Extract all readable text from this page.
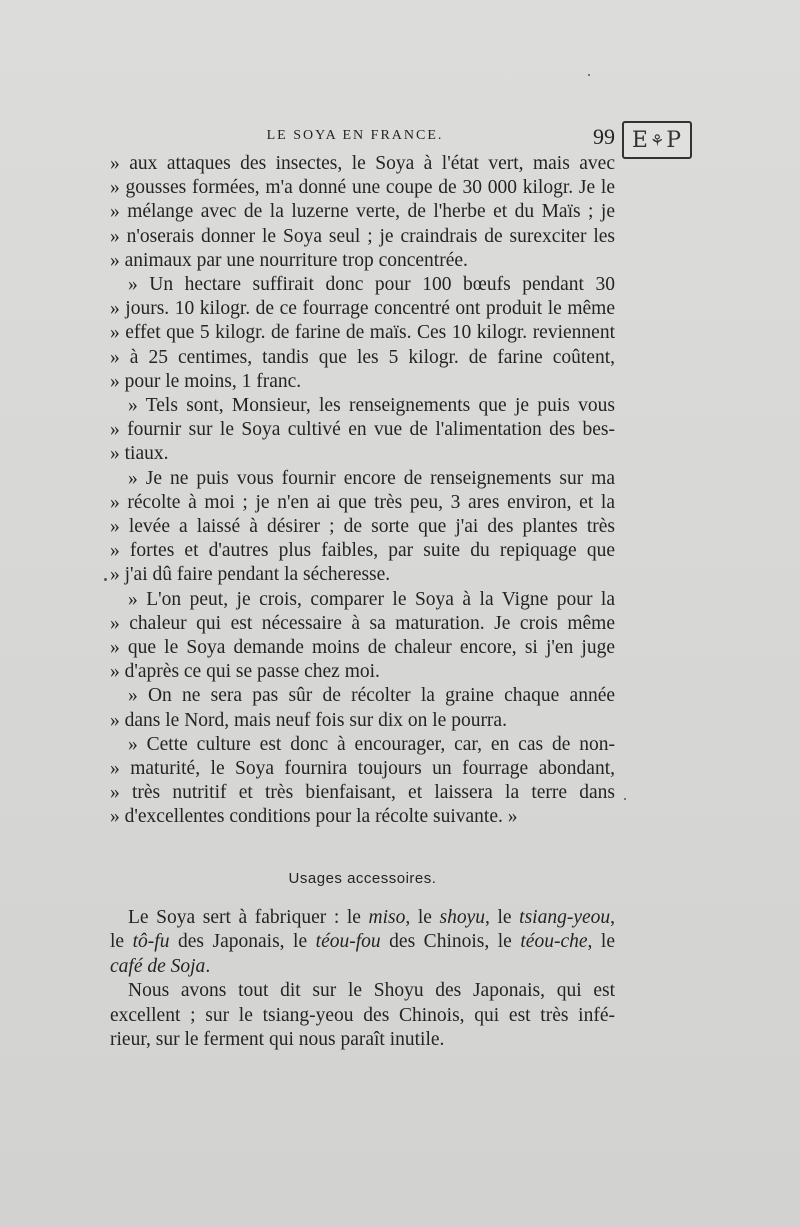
LE SOYA EN FRANCE.	99 E ⚘ P
» aux attaques des insectes, le Soya à l'état vert, mais avec
» gousses formées, m'a donné une coupe de 30 000 kilogr. Je le
» mélange avec de la luzerne verte, de l'herbe et du Maïs ; je
» n'oserais donner le Soya seul ; je craindrais de surexciter les
» animaux par une nourriture trop concentrée.
» Un hectare suffirait donc pour 100 bœufs pendant 30
» jours. 10 kilogr. de ce fourrage concentré ont produit le même
» effet que 5 kilogr. de farine de maïs. Ces 10 kilogr. reviennent
» à 25 centimes, tandis que les 5 kilogr. de farine coûtent,
» pour le moins, 1 franc.
» Tels sont, Monsieur, les renseignements que je puis vous
» fournir sur le Soya cultivé en vue de l'alimentation des bes-
» tiaux.
» Je ne puis vous fournir encore de renseignements sur ma
» récolte à moi ; je n'en ai que très peu, 3 ares environ, et la
» levée a laissé à désirer ; de sorte que j'ai des plantes très
» fortes et d'autres plus faibles, par suite du repiquage que
» j'ai dû faire pendant la sécheresse.
» L'on peut, je crois, comparer le Soya à la Vigne pour la
» chaleur qui est nécessaire à sa maturation. Je crois même
» que le Soya demande moins de chaleur encore, si j'en juge
» d'après ce qui se passe chez moi.
» On ne sera pas sûr de récolter la graine chaque année
» dans le Nord, mais neuf fois sur dix on le pourra.
» Cette culture est donc à encourager, car, en cas de non-
» maturité, le Soya fournira toujours un fourrage abondant,
» très nutritif et très bienfaisant, et laissera la terre dans
» d'excellentes conditions pour la récolte suivante. »
Usages accessoires.
Le Soya sert à fabriquer : le miso, le shoyu, le tsiang-yeou,
le tô-fu des Japonais, le téou-fou des Chinois, le téou-che, le
café de Soja.
Nous avons tout dit sur le Shoyu des Japonais, qui est
excellent ; sur le tsiang-yeou des Chinois, qui est très infé-
rieur, sur le ferment qui nous paraît inutile.
